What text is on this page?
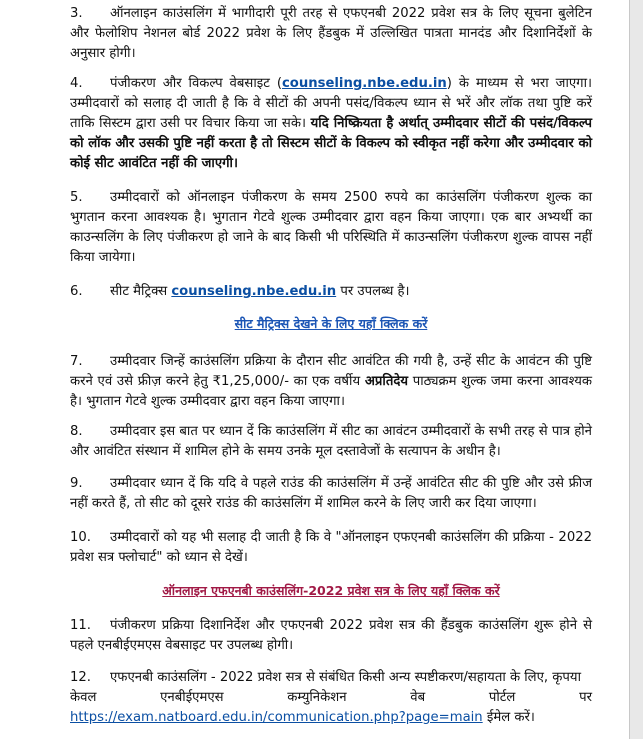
3. ऑनलाइन काउंसलिंग में भागीदारी पूरी तरह से एफएनबी 2022 प्रवेश सत्र के लिए सूचना बुलेटिन और फेलोशिप नेशनल बोर्ड 2022 प्रवेश के लिए हैंडबुक में उल्लिखित पात्रता मानदंड और दिशानिर्देशों के अनुसार होगी।

4. पंजीकरण और विकल्प वेबसाइट (counseling.nbe.edu.in) के माध्यम से भरा जाएगा। उम्मीदवारों को सलाह दी जाती है कि वे सीटों की अपनी पसंद/विकल्प ध्यान से भरें और लॉक तथा पुष्टि करें ताकि सिस्टम द्वारा उसी पर विचार किया जा सके। यदि निष्क्रियता है अर्थात् उम्मीदवार सीटों की पसंद/विकल्प को लॉक और उसकी पुष्टि नहीं करता है तो सिस्टम सीटों के विकल्प को स्वीकृत नहीं करेगा और उम्मीदवार को कोई सीट आवंटित नहीं की जाएगी।

5. उम्मीदवारों को ऑनलाइन पंजीकरण के समय 2500 रुपये का काउंसलिंग पंजीकरण शुल्क का भुगतान करना आवश्यक है। भुगतान गेटवे शुल्क उम्मीदवार द्वारा वहन किया जाएगा। एक बार अभ्यर्थी का काउन्सलिंग के लिए पंजीकरण हो जाने के बाद किसी भी परिस्थिति में काउन्सलिंग पंजीकरण शुल्क वापस नहीं किया जायेगा।

6. सीट मैट्रिक्स counseling.nbe.edu.in पर उपलब्ध है।

सीट मैट्रिक्स देखने के लिए यहाँ क्लिक करें

7. उम्मीदवार जिन्हें काउंसलिंग प्रक्रिया के दौरान सीट आवंटित की गयी है, उन्हें सीट के आवंटन की पुष्टि करने एवं उसे फ्रीज़ करने हेतु ₹1,25,000/- का एक वर्षीय अप्रतिदेय पाठ्यक्रम शुल्क जमा करना आवश्यक है। भुगतान गेटवे शुल्क उम्मीदवार द्वारा वहन किया जाएगा।

8. उम्मीदवार इस बात पर ध्यान दें कि काउंसलिंग में सीट का आवंटन उम्मीदवारों के सभी तरह से पात्र होने और आवंटित संस्थान में शामिल होने के समय उनके मूल दस्तावेजों के सत्यापन के अधीन है।

9. उम्मीदवार ध्यान दें कि यदि वे पहले राउंड की काउंसलिंग में उन्हें आवंटित सीट की पुष्टि और उसे फ्रीज नहीं करते हैं, तो सीट को दूसरे राउंड की काउंसलिंग में शामिल करने के लिए जारी कर दिया जाएगा।

10. उम्मीदवारों को यह भी सलाह दी जाती है कि वे "ऑनलाइन एफएनबी काउंसलिंग की प्रक्रिया - 2022 प्रवेश सत्र फ्लोचार्ट" को ध्यान से देखें।

ऑनलाइन एफएनबी काउंसलिंग-2022 प्रवेश सत्र के लिए यहाँ क्लिक करें

11. पंजीकरण प्रक्रिया दिशानिर्देश और एफएनबी 2022 प्रवेश सत्र की हैंडबुक काउंसलिंग शुरू होने से पहले एनबीईएमएस वेबसाइट पर उपलब्ध होगी।

12. एफएनबी काउंसलिंग - 2022 प्रवेश सत्र से संबंधित किसी अन्य स्पष्टीकरण/सहायता के लिए, कृपया
केवल	एनबीईएमएस	कम्युनिकेशन	वेब	पोर्टल	पर
https://exam.natboard.edu.in/communication.php?page=main ईमेल करें।
